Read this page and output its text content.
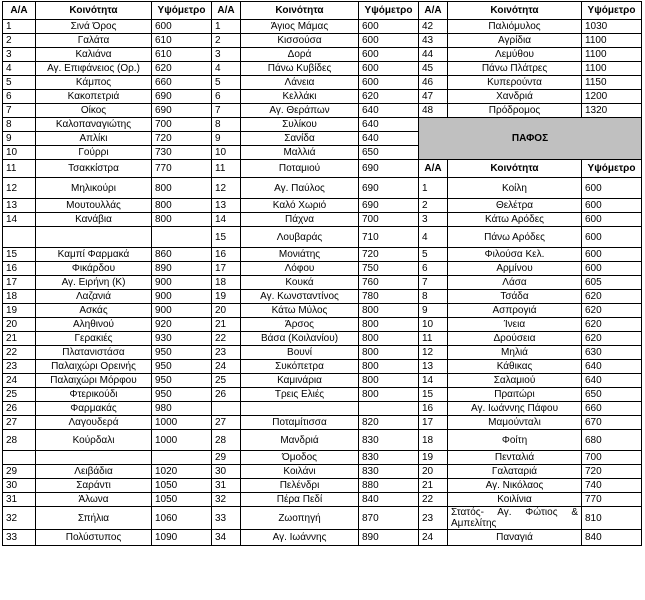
Α/Α	Κοινότητα	Υψόμετρο	Α/Α	Κοινότητα	Υψόμετρο	Α/Α	Κοινότητα	Υψόμετρο
1	Σινά Όρος	600	1	Άγιος Μάμας	600	42	Παλιόμυλος	1030
2	Γαλάτα	610	2	Κισσούσα	600	43	Αγρίδια	1100
3	Καλιάνα	610	3	Δορά	600	44	Λεμύθου	1100
4	Αγ. Επιφάνειος (Ορ.)	620	4	Πάνω Κυβίδες	600	45	Πάνω Πλάτρες	1100
5	Κάμπος	660	5	Λάνεια	600	46	Κυπερούντα	1150
6	Κακοπετριά	690	6	Κελλάκι	620	47	Χανδριά	1200
7	Οίκος	690	7	Αγ. Θεράπων	640	48	Πρόδρομος	1320
8	Καλοπαναγιώτης	700	8	Συλίκου	640	ΠΑΦΟΣ		
9	Απλίκι	720	9	Σανίδα	640			
10	Γούρρι	730	10	Μαλλιά	650			
11	Τσακκίστρα	770	11	Ποταμιού	690	Α/Α	Κοινότητα	Υψόμετρο
12	Μηλικούρι	800	12	Αγ. Παύλος	690	1	Κοίλη	600
13	Μουτουλλάς	800	13	Καλό Χωριό	690	2	Θελέτρα	600
14	Κανάβια	800	14	Πάχνα	700	3	Κάτω Αρόδες	600
			15	Λουβαράς	710	4	Πάνω Αρόδες	600
15	Καμπί Φαρμακά	860	16	Μονιάτης	720	5	Φιλούσα Κελ.	600
16	Φικάρδου	890	17	Λόφου	750	6	Αρμίνου	600
17	Αγ. Ειρήνη (Κ)	900	18	Κουκά	760	7	Λάσα	605
18	Λαζανιά	900	19	Αγ. Κωνσταντίνος	780	8	Τσάδα	620
19	Ασκάς	900	20	Κάτω Μύλος	800	9	Ασπρογιά	620
20	Αληθινού	920	21	Άρσος	800	10	Ίνεια	620
21	Γερακιές	930	22	Βάσα (Κοιλανίου)	800	11	Δρούσεια	620
22	Πλατανιστάσα	950	23	Βουνί	800	12	Μηλιά	630
23	Παλαιχώρι Ορεινής	950	24	Συκόπετρα	800	13	Κάθικας	640
24	Παλαιχώρι Μόρφου	950	25	Καμινάρια	800	14	Σαλαμιού	640
25	Φτερικούδι	950	26	Τρεις Ελιές	800	15	Πραιτώρι	650
26	Φαρμακάς	980				16	Αγ. Ιωάννης Πάφου	660
27	Λαγουδερά	1000	27	Ποταμίτισσα	820	17	Μαμούνταλι	670
28	Κούρδαλι	1000	28	Μανδριά	830	18	Φοίτη	680
			29	Όμοδος	830	19	Πενταλιά	700
29	Λειβάδια	1020	30	Κοιλάνι	830	20	Γαλαταριά	720
30	Σαράντι	1050	31	Πελένδρι	880	21	Αγ. Νικόλαος	740
31	Άλωνα	1050	32	Πέρα Πεδί	840	22	Κοιλίνια	770
32	Σπήλια	1060	33	Ζωοπηγή	870	23	Στατός- Αγ. Φώτιος & Αμπελίτης	810
33	Πολύστυπος	1090	34	Αγ. Ιωάννης	890	24	Παναγιά	840
